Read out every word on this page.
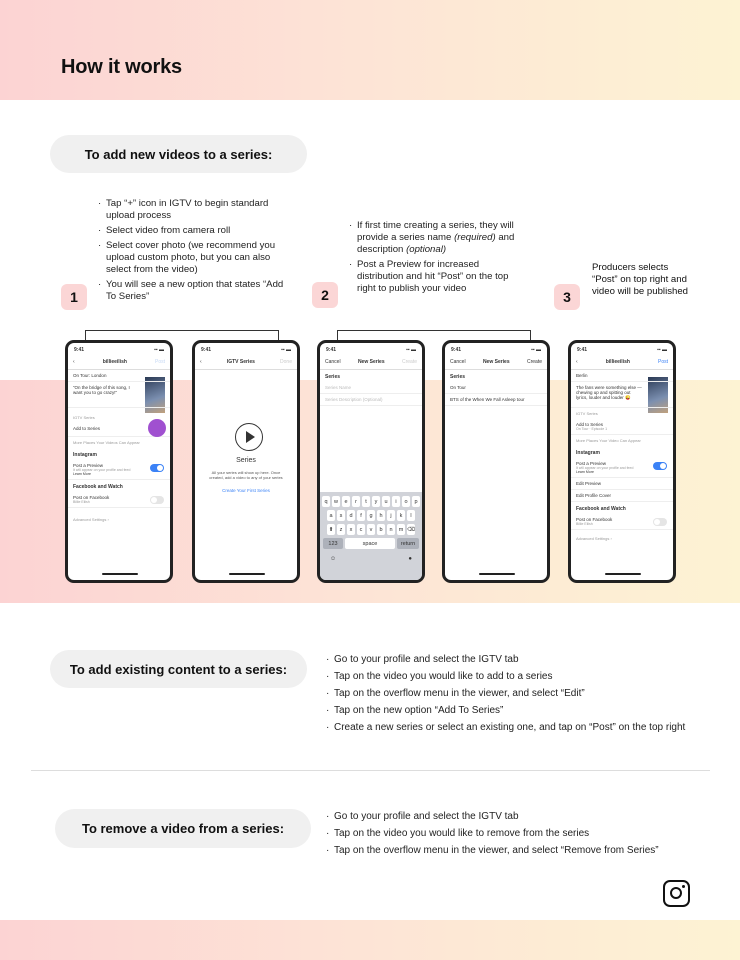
How it works
To add new videos to a series:
· Tap “+” icon in IGTV to begin standard upload process
· Select video from camera roll
· Select cover photo (we recommend you upload custom photo, but you can also select from the video)
· You will see a new option that states “Add To Series”
1
· If first time creating a series, they will provide a series name (required) and description (optional)
· Post a Preview for increased distribution and hit “Post” on the top right to publish your video
2
Producers selects “Post” on top right and video will be published
3
9:41	▪▪ ▬
‹	billieeilish	Post
On Tour: London
“On the bridge of this song, I want you to go crazy!”
IGTV Series
Add to Series
More Places Your Videos Can Appear
Instagram
Post a Preview
It will appear on your profile and feed
Learn More
Facebook and Watch
Post on Facebook
Billie Eilish
Advanced Settings ›
9:41	▪▪ ▬
‹	IGTV Series	Done
Series
All your series will show up here. Once created, add a video to any of your series
Create Your First Series
9:41	▪▪ ▬
Cancel	New Series	Create
Series
Series Name
Series Description (Optional)
q	w	e	r	t	y	u	i	o	p
a	s	d	f	g	h	j	k	l
⬆	z	x	c	v	b	n	m ⌫
123	space	return
☺	●
9:41	▪▪ ▬
Cancel	New Series	Create
Series
On Tour
BTS of the When We Fall Asleep tour
9:41	▪▪ ▬
‹	billieeilish	Post
Berlin
The fans were something else — chewing up and spitting out lyrics, louder and louder 😜
IGTV Series
Add to Series
On Tour · Episode 1
More Places Your Video Can Appear
Instagram
Post a Preview
It will appear on your profile and feed
Learn More
Edit Preview
Edit Profile Cover
Facebook and Watch
Post on Facebook
Billie Eilish
Advanced Settings ›
To add existing content to a series:
· Go to your profile and select the IGTV tab
· Tap on the video you would like to add to a series
· Tap on the overflow menu in the viewer, and select “Edit”
· Tap on the new option “Add To Series”
· Create a new series or select an existing one, and tap on “Post” on the top right
To remove a video from a series:
· Go to your profile and select the IGTV tab
· Tap on the video you would like to remove from the series
· Tap on the overflow menu in the viewer, and select “Remove from Series”
